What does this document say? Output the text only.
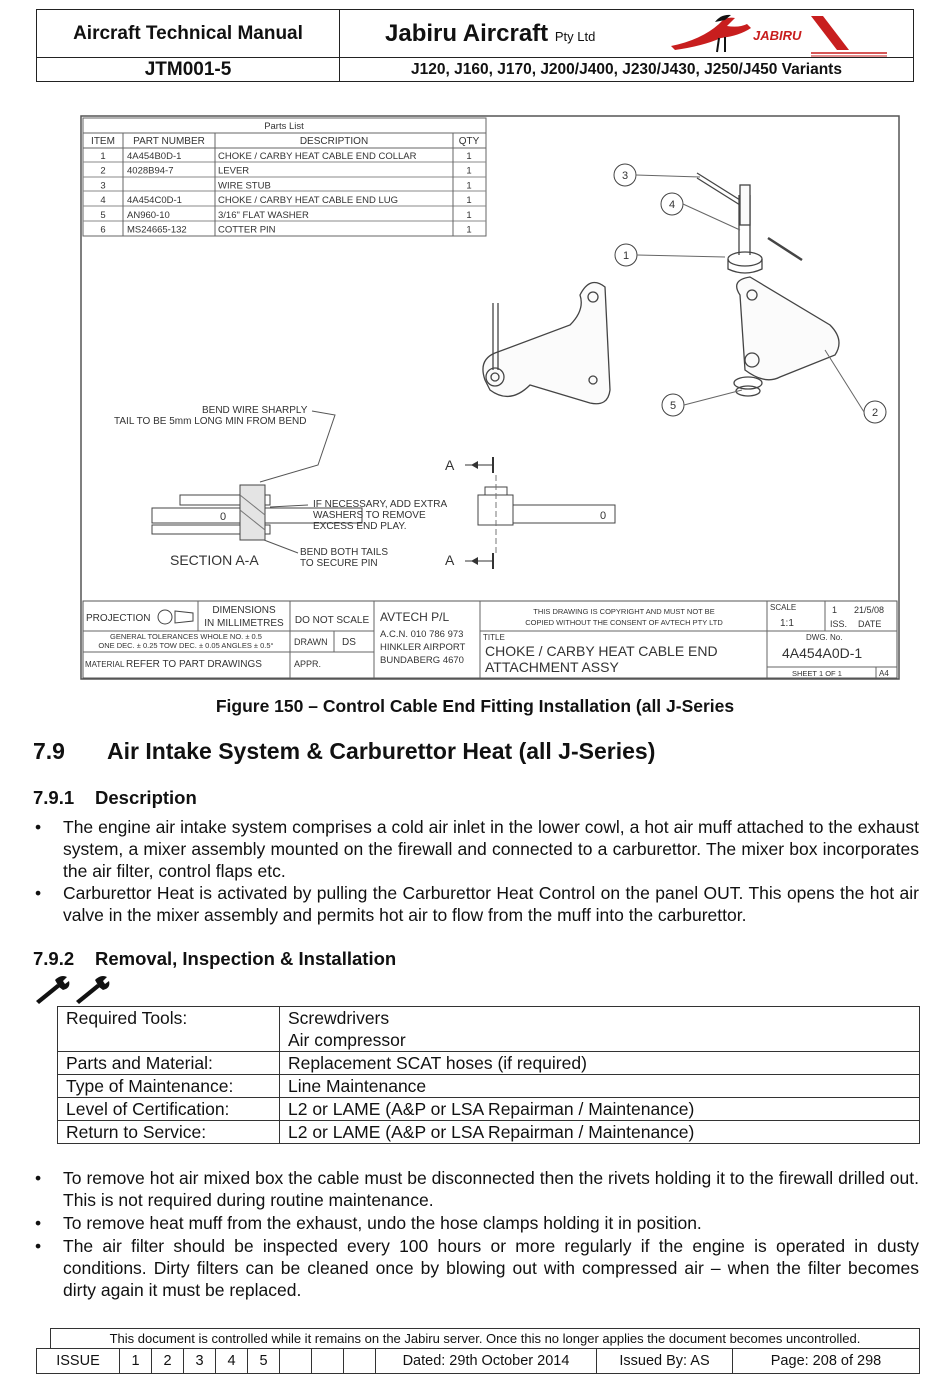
Aircraft Technical Manual
JTM001-5
Jabiru Aircraft Pty Ltd	JABIRU
J120, J160, J170, J200/J400, J230/J430, J250/J450 Variants
Parts List
ITEM PART NUMBER	DESCRIPTION	QTY
1 4A454B0D-1	CHOKE / CARBY HEAT CABLE END COLLAR	1
2 4028B94-7	LEVER	1
3	WIRE STUB	1
4 4A454C0D-1	CHOKE / CARBY HEAT CABLE END LUG	1
5 AN960-10	3/16" FLAT WASHER	1
6 MS24665-132	COTTER PIN	1
3
4
1
5
2
BEND WIRE SHARPLY
TAIL TO BE 5mm LONG MIN FROM BEND
0
IF NECESSARY, ADD EXTRA
WASHERS TO REMOVE
EXCESS END PLAY.
BEND BOTH TAILS
TO SECURE PIN
SECTION A-A
A
A
0
PROJECTION
DIMENSIONS
IN MILLIMETRES
GENERAL TOLERANCES WHOLE NO. ± 0.5
ONE DEC. ± 0.25 TOW DEC. ± 0.05 ANGLES ± 0.5°
MATERIAL REFER TO PART DRAWINGS
DO NOT SCALE
DRAWN DS
APPR.
AVTECH P/L
A.C.N. 010 786 973
HINKLER AIRPORT
BUNDABERG 4670
THIS DRAWING IS COPYRIGHT AND MUST NOT BE
COPIED WITHOUT THE CONSENT OF AVTECH PTY LTD
TITLE
CHOKE / CARBY HEAT CABLE END
ATTACHMENT ASSY
SCALE
1:1
1 21/5/08
ISS. DATE
DWG. No.
4A454A0D-1
SHEET 1 OF 1	A4
Figure 150 – Control Cable End Fitting Installation (all J-Series
7.9 Air Intake System & Carburettor Heat (all J-Series)
7.9.1 Description
• The engine air intake system comprises a cold air inlet in the lower cowl, a hot air muff attached to the exhaust system, a mixer assembly mounted on the firewall and connected to a carburettor. The mixer box incorporates the air filter, control flaps etc.
• Carburettor Heat is activated by pulling the Carburettor Heat Control on the panel OUT. This opens the hot air valve in the mixer assembly and permits hot air to flow from the muff into the carburettor.
7.9.2 Removal, Inspection & Installation
Required Tools:	Screwdrivers
Air compressor

Parts and Material:	Replacement SCAT hoses (if required)
Type of Maintenance:	Line Maintenance
Level of Certification:	L2 or LAME (A&P or LSA Repairman / Maintenance)
Return to Service:	L2 or LAME (A&P or LSA Repairman / Maintenance)
• To remove hot air mixed box the cable must be disconnected then the rivets holding it to the firewall drilled out. This is not required during routine maintenance.
• To remove heat muff from the exhaust, undo the hose clamps holding it in position.
• The air filter should be inspected every 100 hours or more regularly if the engine is operated in dusty conditions. Dirty filters can be cleaned once by blowing out with compressed air – when the filter becomes dirty again it must be replaced.
This document is controlled while it remains on the Jabiru server. Once this no longer applies the document becomes uncontrolled.
ISSUE	1	2	3	4	5				Dated: 29th October 2014	Issued By: AS	Page: 208 of 298
